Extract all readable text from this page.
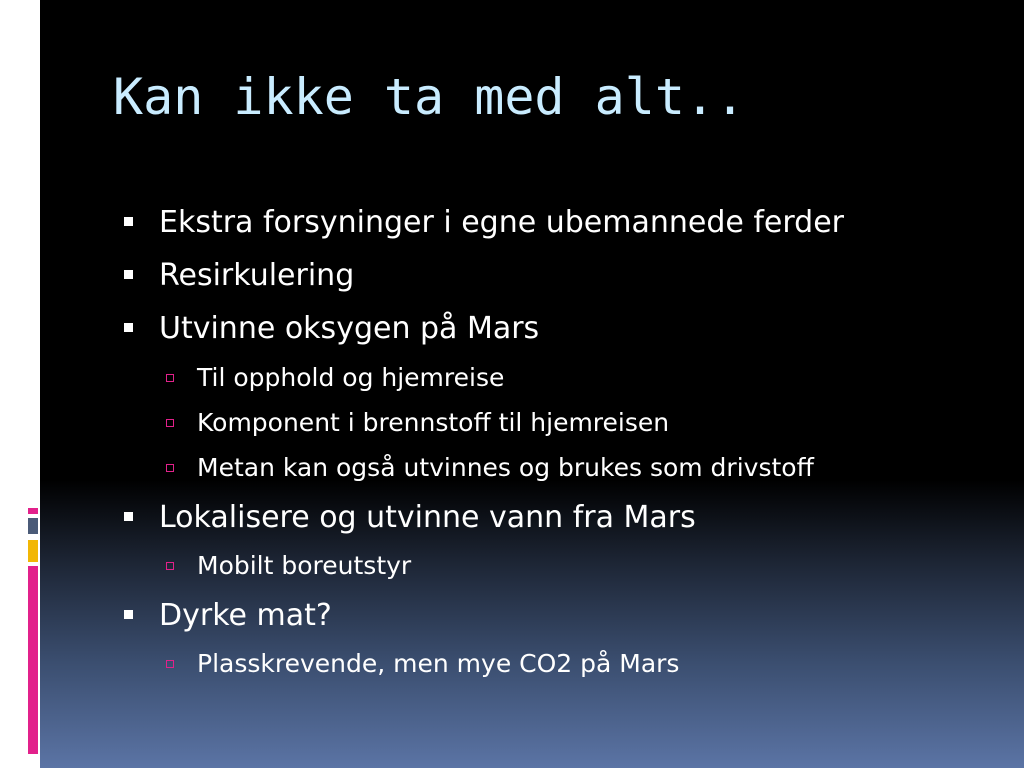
Kan ikke ta med alt..
Ekstra forsyninger i egne ubemannede ferder
Resirkulering
Utvinne oksygen på Mars
Til opphold og hjemreise
Komponent i brennstoff til hjemreisen
Metan kan også utvinnes og brukes som drivstoff
Lokalisere og utvinne vann fra Mars
Mobilt boreutstyr
Dyrke mat?
Plasskrevende, men mye CO2 på Mars
